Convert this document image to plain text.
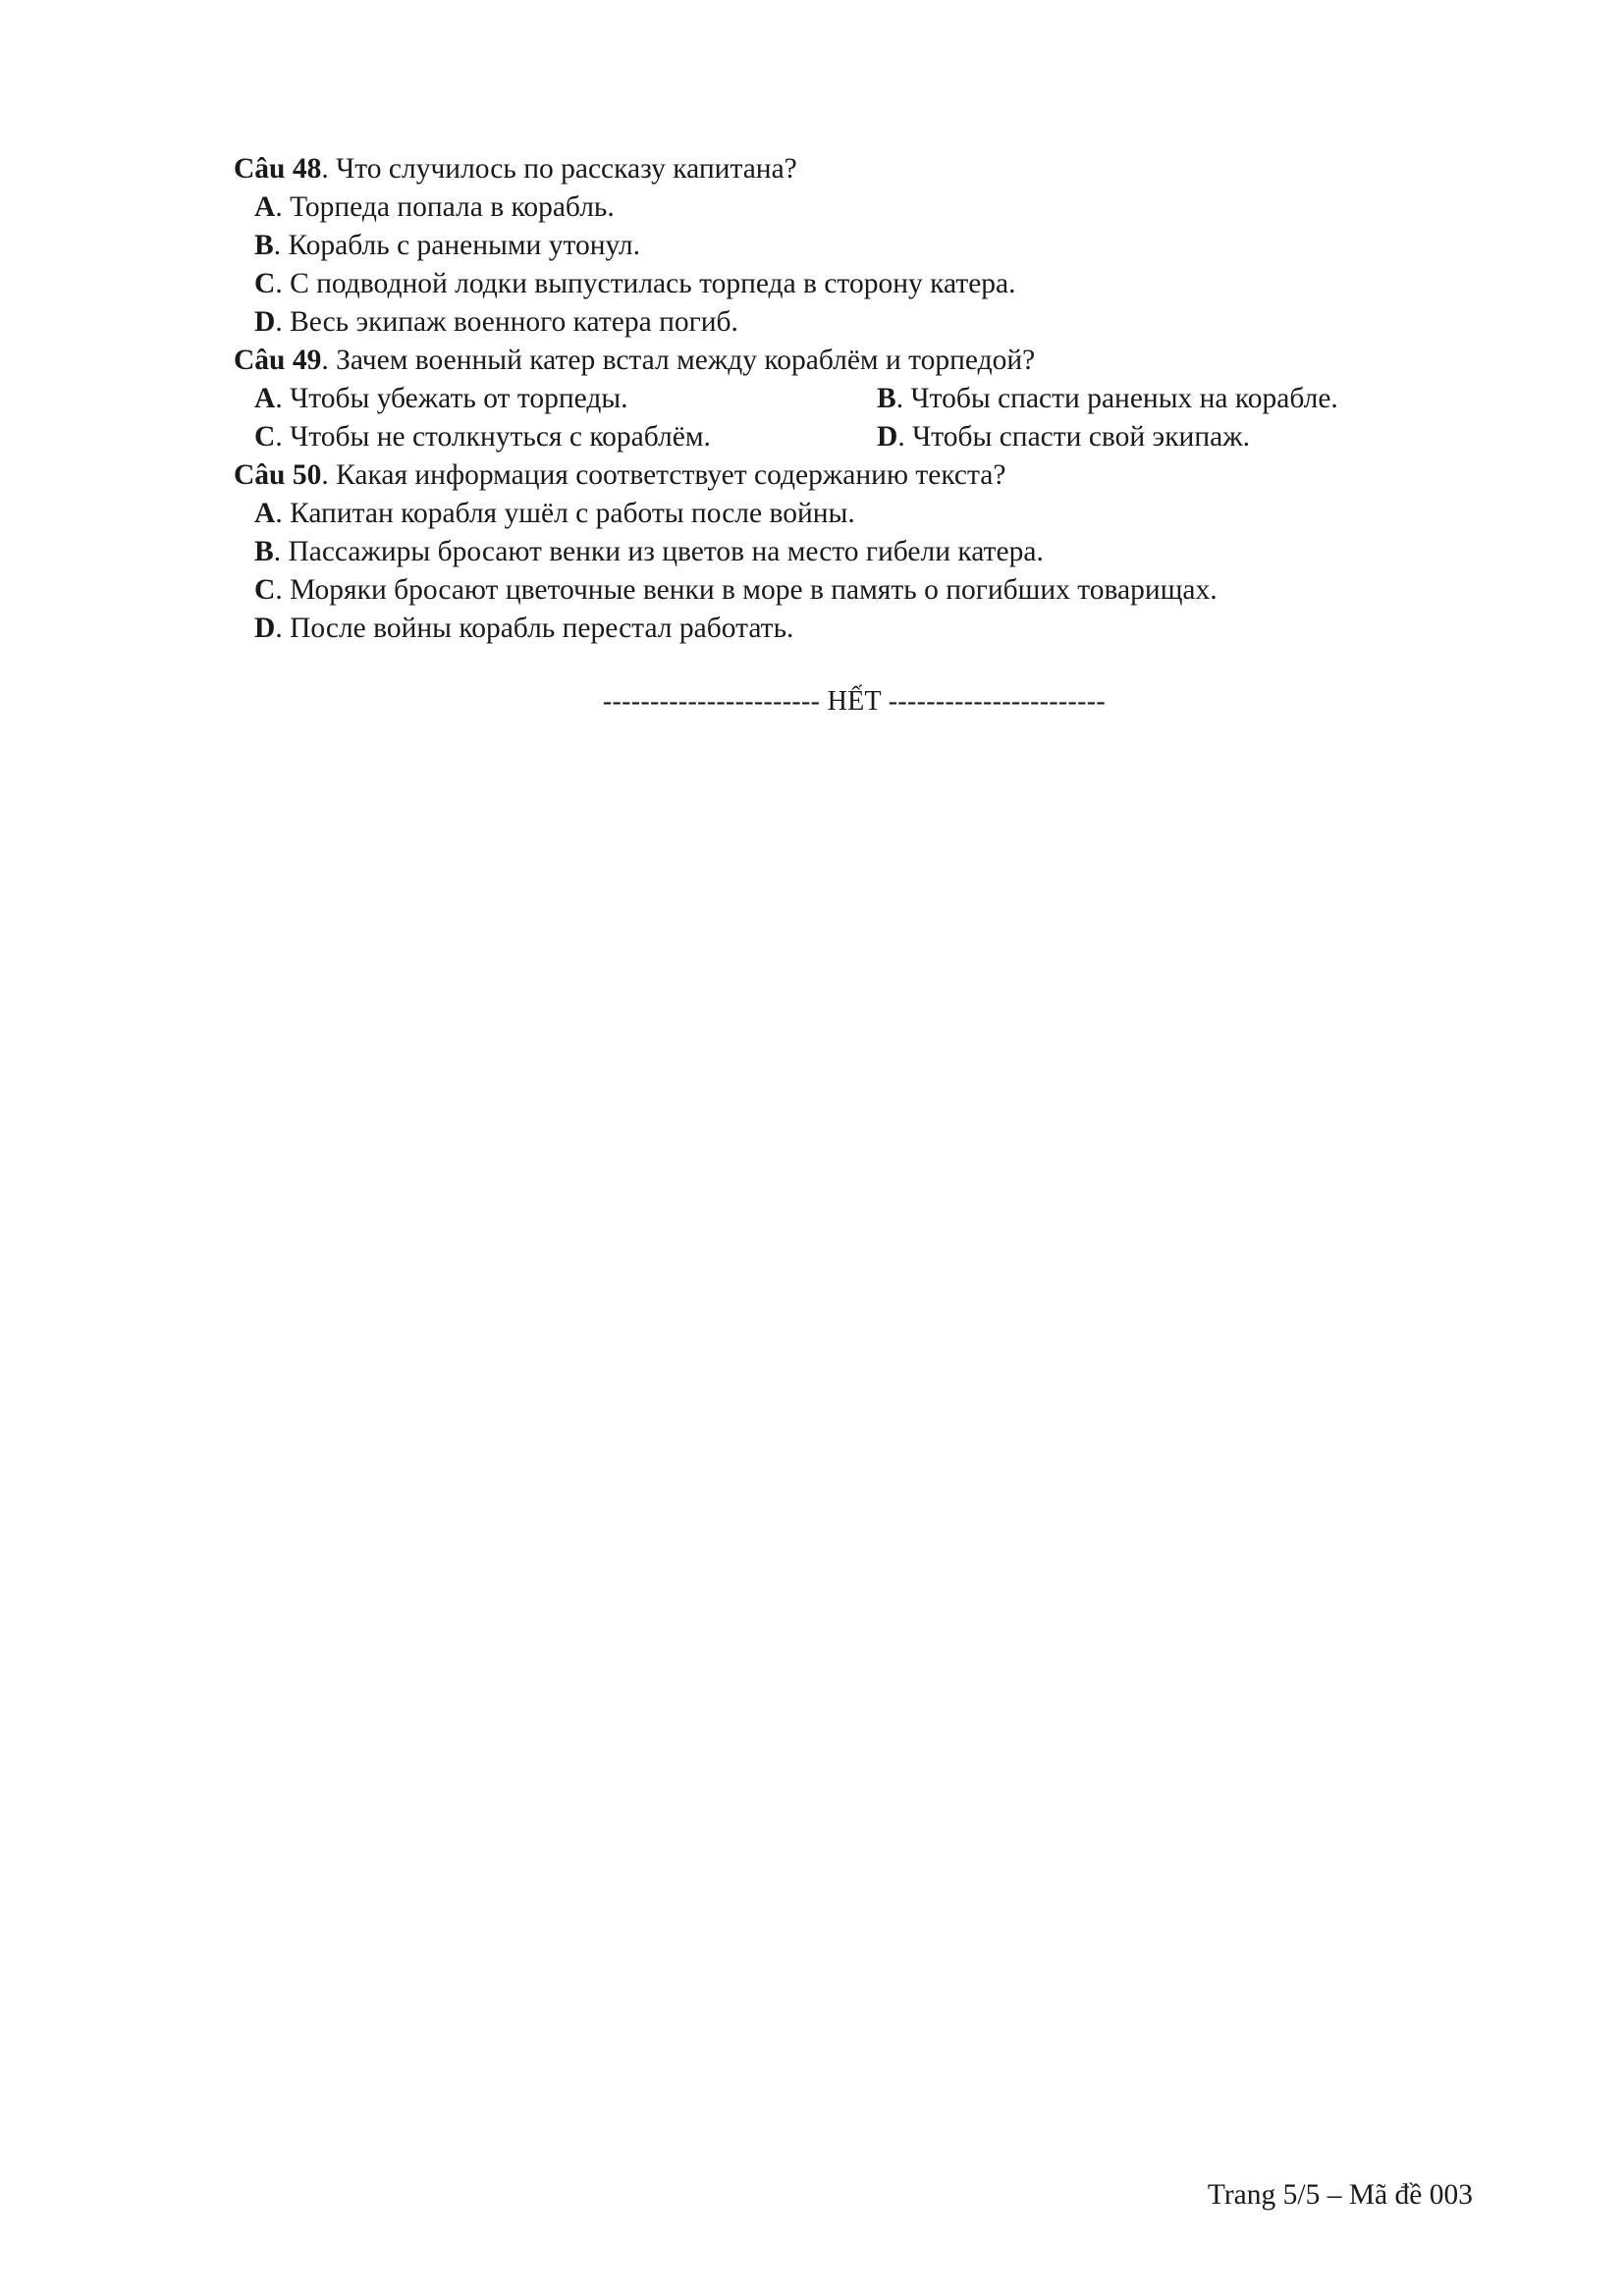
Câu 48. Что случилось по рассказу капитана?
A. Торпеда попала в корабль.
B. Корабль с ранеными утонул.
C. С подводной лодки выпустилась торпеда в сторону катера.
D. Весь экипаж военного катера погиб.
Câu 49. Зачем военный катер встал между кораблём и торпедой?
A. Чтобы убежать от торпеды.	B. Чтобы спасти раненых на корабле.
C. Чтобы не столкнуться с кораблём.	D. Чтобы спасти свой экипаж.
Câu 50. Какая информация соответствует содержанию текста?
A. Капитан корабля ушёл с работы после войны.
B. Пассажиры бросают венки из цветов на место гибели катера.
C. Моряки бросают цветочные венки в море в память о погибших товарищах.
D. После войны корабль перестал работать.
----------------------- HẾT -----------------------
Trang 5/5 – Mã đề 003
